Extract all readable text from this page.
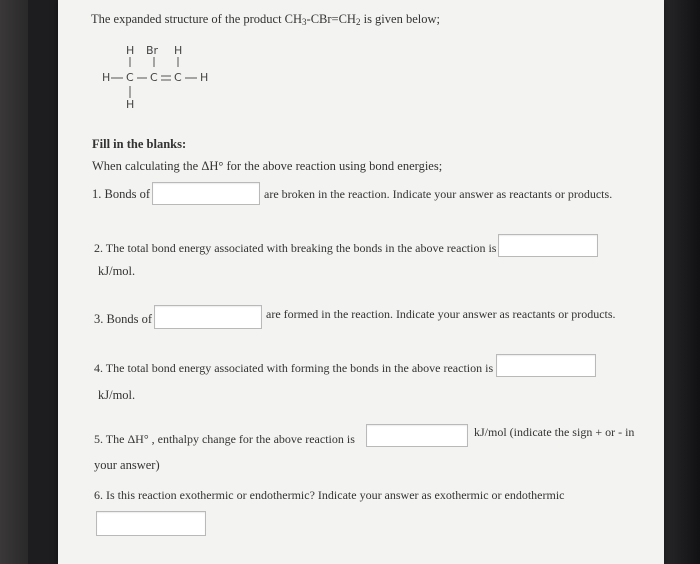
The expanded structure of the product $CH_3-CBr=CH_2$ is given below;
H Br H
H C C C H
H
Fill in the blanks:
When calculating the ΔH° for the above reaction using bond energies;
1. Bonds of	are broken in the reaction. Indicate your answer as reactants or products.
2. The total bond energy associated with breaking the bonds in the above reaction is
kJ/mol.
3. Bonds of	are formed in the reaction. Indicate your answer as reactants or products.
4. The total bond energy associated with forming the bonds in the above reaction is
kJ/mol.
5. The ΔH° , enthalpy change for the above reaction is	kJ/mol (indicate the sign + or - in
your answer)
6. Is this reaction exothermic or endothermic? Indicate your answer as exothermic or endothermic
